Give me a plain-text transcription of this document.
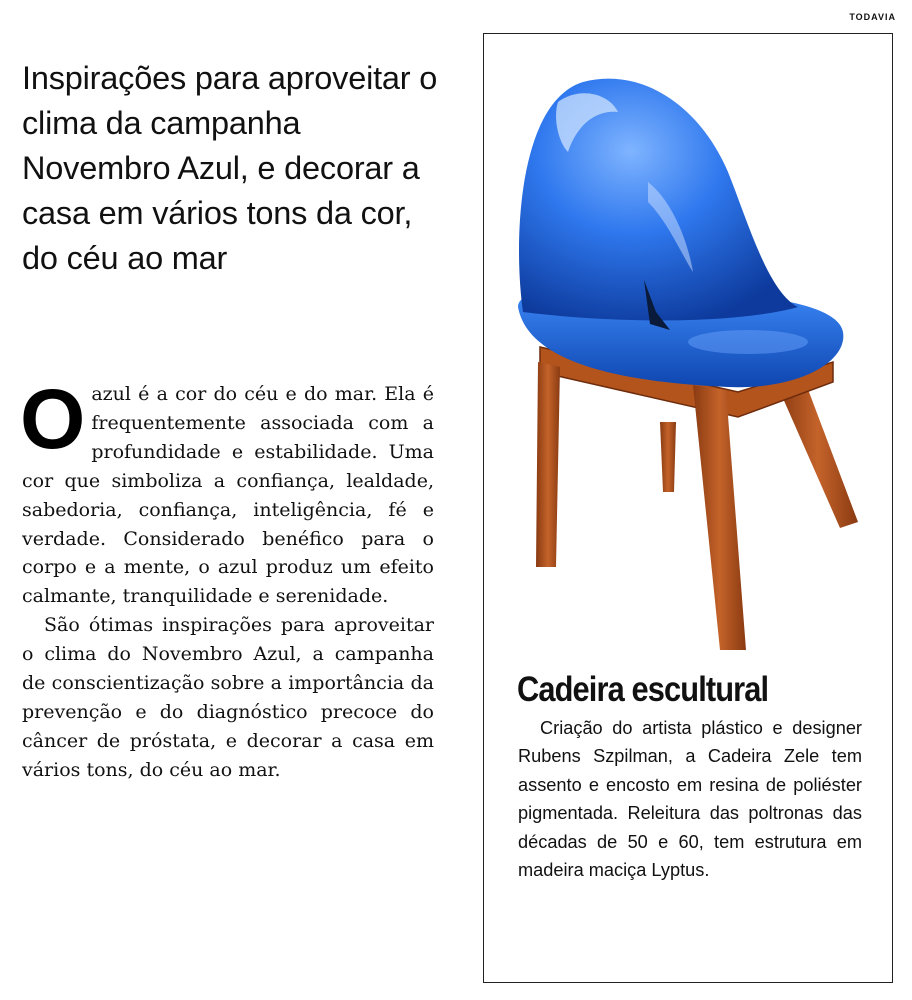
TODAVIA
Inspirações para aproveitar o clima da campanha Novembro Azul, e decorar a casa em vários tons da cor, do céu ao mar

Oazul é a cor do céu e do mar. Ela é frequentemente associada com a profundidade e estabilidade. Uma cor que simboliza a confiança, lealdade, sabedoria, confiança, inteligência, fé e verdade. Considerado benéfico para o corpo e a mente, o azul produz um efeito calmante, tranquilidade e serenidade.

São ótimas inspirações para aproveitar o clima do Novembro Azul, a campanha de conscientização sobre a importância da prevenção e do diagnóstico precoce do câncer de próstata, e decorar a casa em vários tons, do céu ao mar.

Cadeira escultural
Criação do artista plástico e designer Rubens Szpilman, a Cadeira Zele tem assento e encosto em resina de poliéster pigmentada. Releitura das poltronas das décadas de 50 e 60, tem estrutura em madeira maciça Lyptus.
